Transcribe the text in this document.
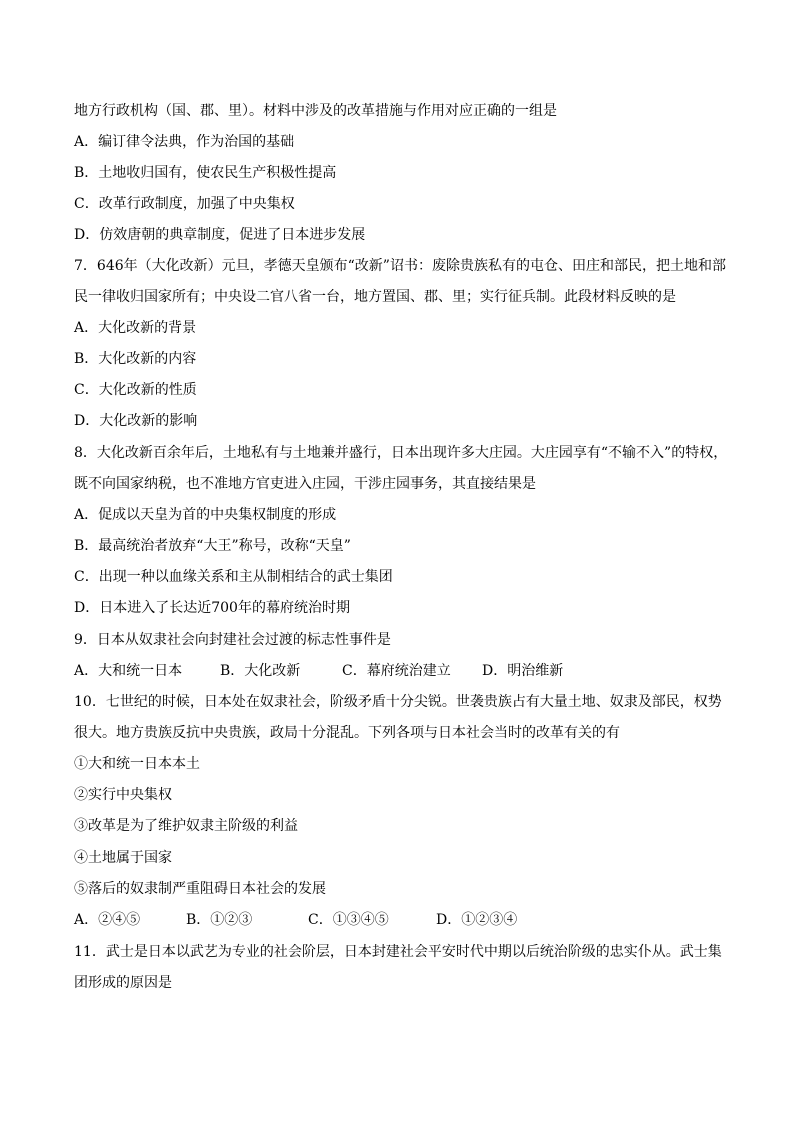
地方行政机构（国、郡、里）。材料中涉及的改革措施与作用对应正确的一组是
A．编订律令法典，作为治国的基础
B．土地收归国有，使农民生产积极性提高
C．改革行政制度，加强了中央集权
D．仿效唐朝的典章制度，促进了日本进步发展
7．646年（大化改新）元旦，孝德天皇颁布“改新”诏书：废除贵族私有的屯仓、田庄和部民，把土地和部
民一律收归国家所有；中央设二官八省一台，地方置国、郡、里；实行征兵制。此段材料反映的是
A．大化改新的背景
B．大化改新的内容
C．大化改新的性质
D．大化改新的影响
8．大化改新百余年后，土地私有与土地兼并盛行，日本出现许多大庄园。大庄园享有“不输不入”的特权，
既不向国家纳税，也不准地方官吏进入庄园，干涉庄园事务，其直接结果是
A．促成以天皇为首的中央集权制度的形成
B．最高统治者放弃“大王”称号，改称“天皇”
C．出现一种以血缘关系和主从制相结合的武士集团
D．日本进入了长达近700年的幕府统治时期
9．日本从奴隶社会向封建社会过渡的标志性事件是
A．大和统一日本	B．大化改新	C．幕府统治建立 D．明治维新
10．七世纪的时候，日本处在奴隶社会，阶级矛盾十分尖锐。世袭贵族占有大量土地、奴隶及部民，权势
很大。地方贵族反抗中央贵族，政局十分混乱。下列各项与日本社会当时的改革有关的有
①大和统一日本本土
②实行中央集权
③改革是为了维护奴隶主阶级的利益
④土地属于国家
⑤落后的奴隶制严重阻碍日本社会的发展
A．②④⑤	B．①②③	C．①③④⑤	D．①②③④
11．武士是日本以武艺为专业的社会阶层，日本封建社会平安时代中期以后统治阶级的忠实仆从。武士集
团形成的原因是
